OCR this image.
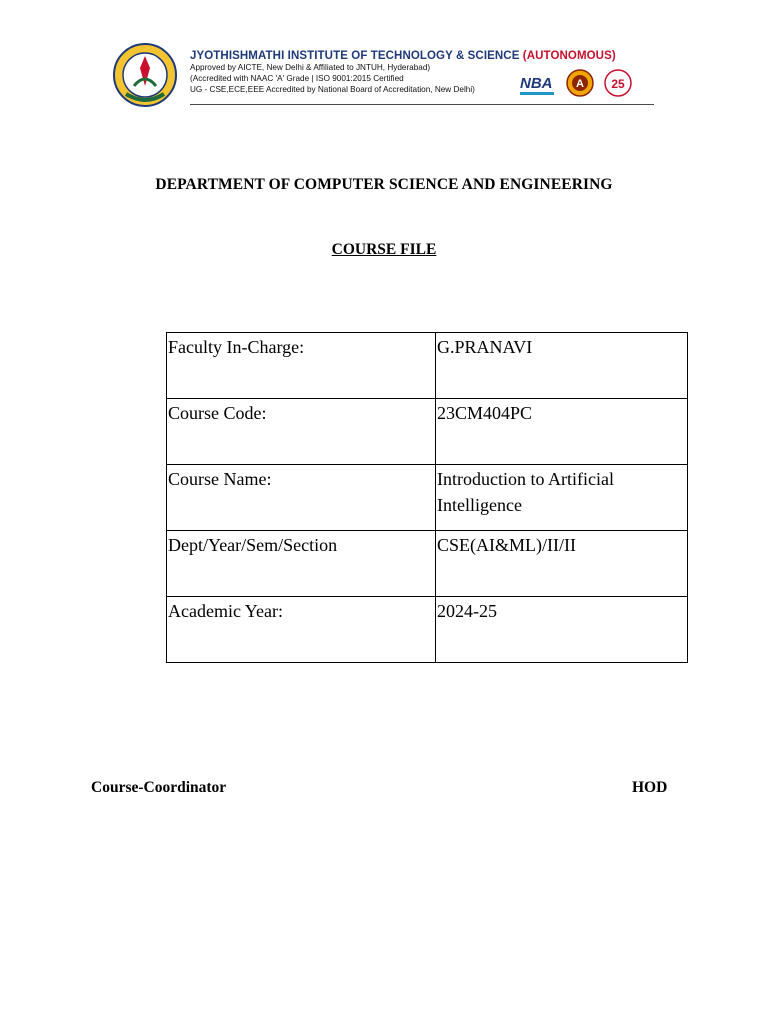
JYOTHISHMATHI INSTITUTE OF TECHNOLOGY & SCIENCE (AUTONOMOUS)
Approved by AICTE, New Delhi & Affiliated to JNTUH, Hyderabad)
(Accredited with NAAC 'A' Grade | ISO 9001:2015 Certified
UG - CSE,ECE,EEE Accredited by National Board of Accreditation, New Delhi)	NBA A 25
DEPARTMENT OF COMPUTER SCIENCE AND ENGINEERING
COURSE FILE
Faculty In-Charge:	G.PRANAVI
Course Code:	23CM404PC
Course Name:	Introduction to Artificial Intelligence
Dept/Year/Sem/Section	CSE(AI&ML)/II/II
Academic Year:	2024-25
Course-Coordinator	HOD
